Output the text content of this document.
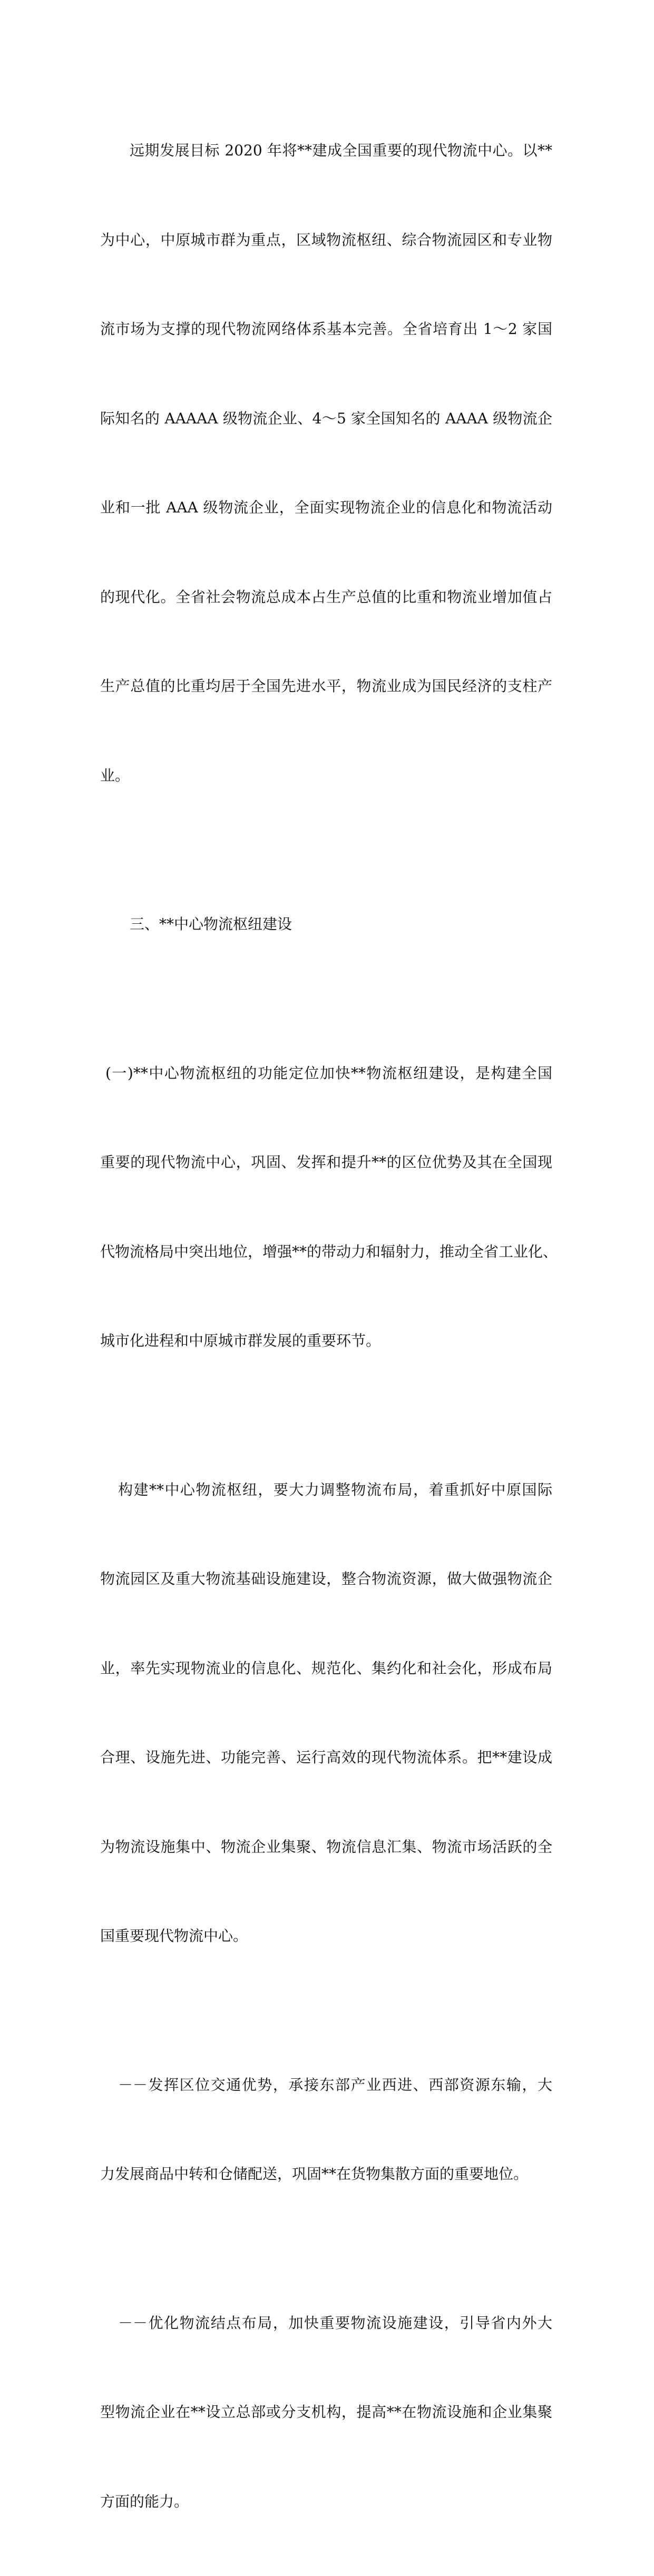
远期发展目标 2020 年将**建成全国重要的现代物流中心。以**

为中心，中原城市群为重点，区域物流枢纽、综合物流园区和专业物

流市场为支撑的现代物流网络体系基本完善。全省培育出 1～2 家国

际知名的 AAAAA 级物流企业、4～5 家全国知名的 AAAA 级物流企

业和一批 AAA 级物流企业，全面实现物流企业的信息化和物流活动

的现代化。全省社会物流总成本占生产总值的比重和物流业增加值占

生产总值的比重均居于全国先进水平，物流业成为国民经济的支柱产

业。

三、**中心物流枢纽建设

(一)**中心物流枢纽的功能定位加快**物流枢纽建设，是构建全国

重要的现代物流中心，巩固、发挥和提升**的区位优势及其在全国现

代物流格局中突出地位，增强**的带动力和辐射力，推动全省工业化、

城市化进程和中原城市群发展的重要环节。

构建**中心物流枢纽，要大力调整物流布局，着重抓好中原国际

物流园区及重大物流基础设施建设，整合物流资源，做大做强物流企

业，率先实现物流业的信息化、规范化、集约化和社会化，形成布局

合理、设施先进、功能完善、运行高效的现代物流体系。把**建设成

为物流设施集中、物流企业集聚、物流信息汇集、物流市场活跃的全

国重要现代物流中心。

－－发挥区位交通优势，承接东部产业西进、西部资源东输，大

力发展商品中转和仓储配送，巩固**在货物集散方面的重要地位。

－－优化物流结点布局，加快重要物流设施建设，引导省内外大

型物流企业在**设立总部或分支机构，提高**在物流设施和企业集聚

方面的能力。
